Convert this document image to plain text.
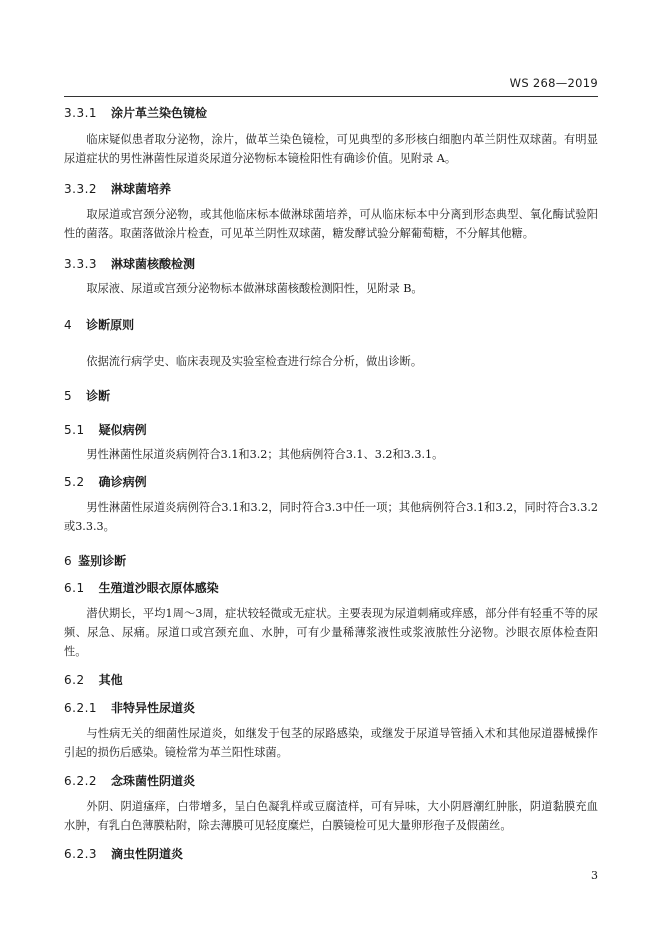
WS 268—2019
3.3.1 涂片革兰染色镜检

临床疑似患者取分泌物，涂片，做革兰染色镜检，可见典型的多形核白细胞内革兰阴性双球菌。有明显尿道症状的男性淋菌性尿道炎尿道分泌物标本镜检阳性有确诊价值。见附录 A。

3.3.2 淋球菌培养

取尿道或宫颈分泌物，或其他临床标本做淋球菌培养，可从临床标本中分离到形态典型、氧化酶试验阳性的菌落。取菌落做涂片检查，可见革兰阴性双球菌，糖发酵试验分解葡萄糖，不分解其他糖。

3.3.3 淋球菌核酸检测

取尿液、尿道或宫颈分泌物标本做淋球菌核酸检测阳性，见附录 B。

4 诊断原则

依据流行病学史、临床表现及实验室检查进行综合分析，做出诊断。

5 诊断
5.1 疑似病例

男性淋菌性尿道炎病例符合3.1和3.2；其他病例符合3.1、3.2和3.3.1。

5.2 确诊病例

男性淋菌性尿道炎病例符合3.1和3.2，同时符合3.3中任一项；其他病例符合3.1和3.2，同时符合3.3.2或3.3.3。

6 鉴别诊断
6.1 生殖道沙眼衣原体感染

潜伏期长，平均1周～3周，症状较轻微或无症状。主要表现为尿道刺痛或痒感，部分伴有轻重不等的尿频、尿急、尿痛。尿道口或宫颈充血、水肿，可有少量稀薄浆液性或浆液脓性分泌物。沙眼衣原体检查阳性。

6.2 其他
6.2.1 非特异性尿道炎

与性病无关的细菌性尿道炎，如继发于包茎的尿路感染，或继发于尿道导管插入术和其他尿道器械操作引起的损伤后感染。镜检常为革兰阳性球菌。

6.2.2 念珠菌性阴道炎

外阴、阴道瘙痒，白带增多，呈白色凝乳样或豆腐渣样，可有异味，大小阴唇潮红肿胀，阴道黏膜充血水肿，有乳白色薄膜粘附，除去薄膜可见轻度糜烂，白膜镜检可见大量卵形孢子及假菌丝。

6.2.3 滴虫性阴道炎
3
